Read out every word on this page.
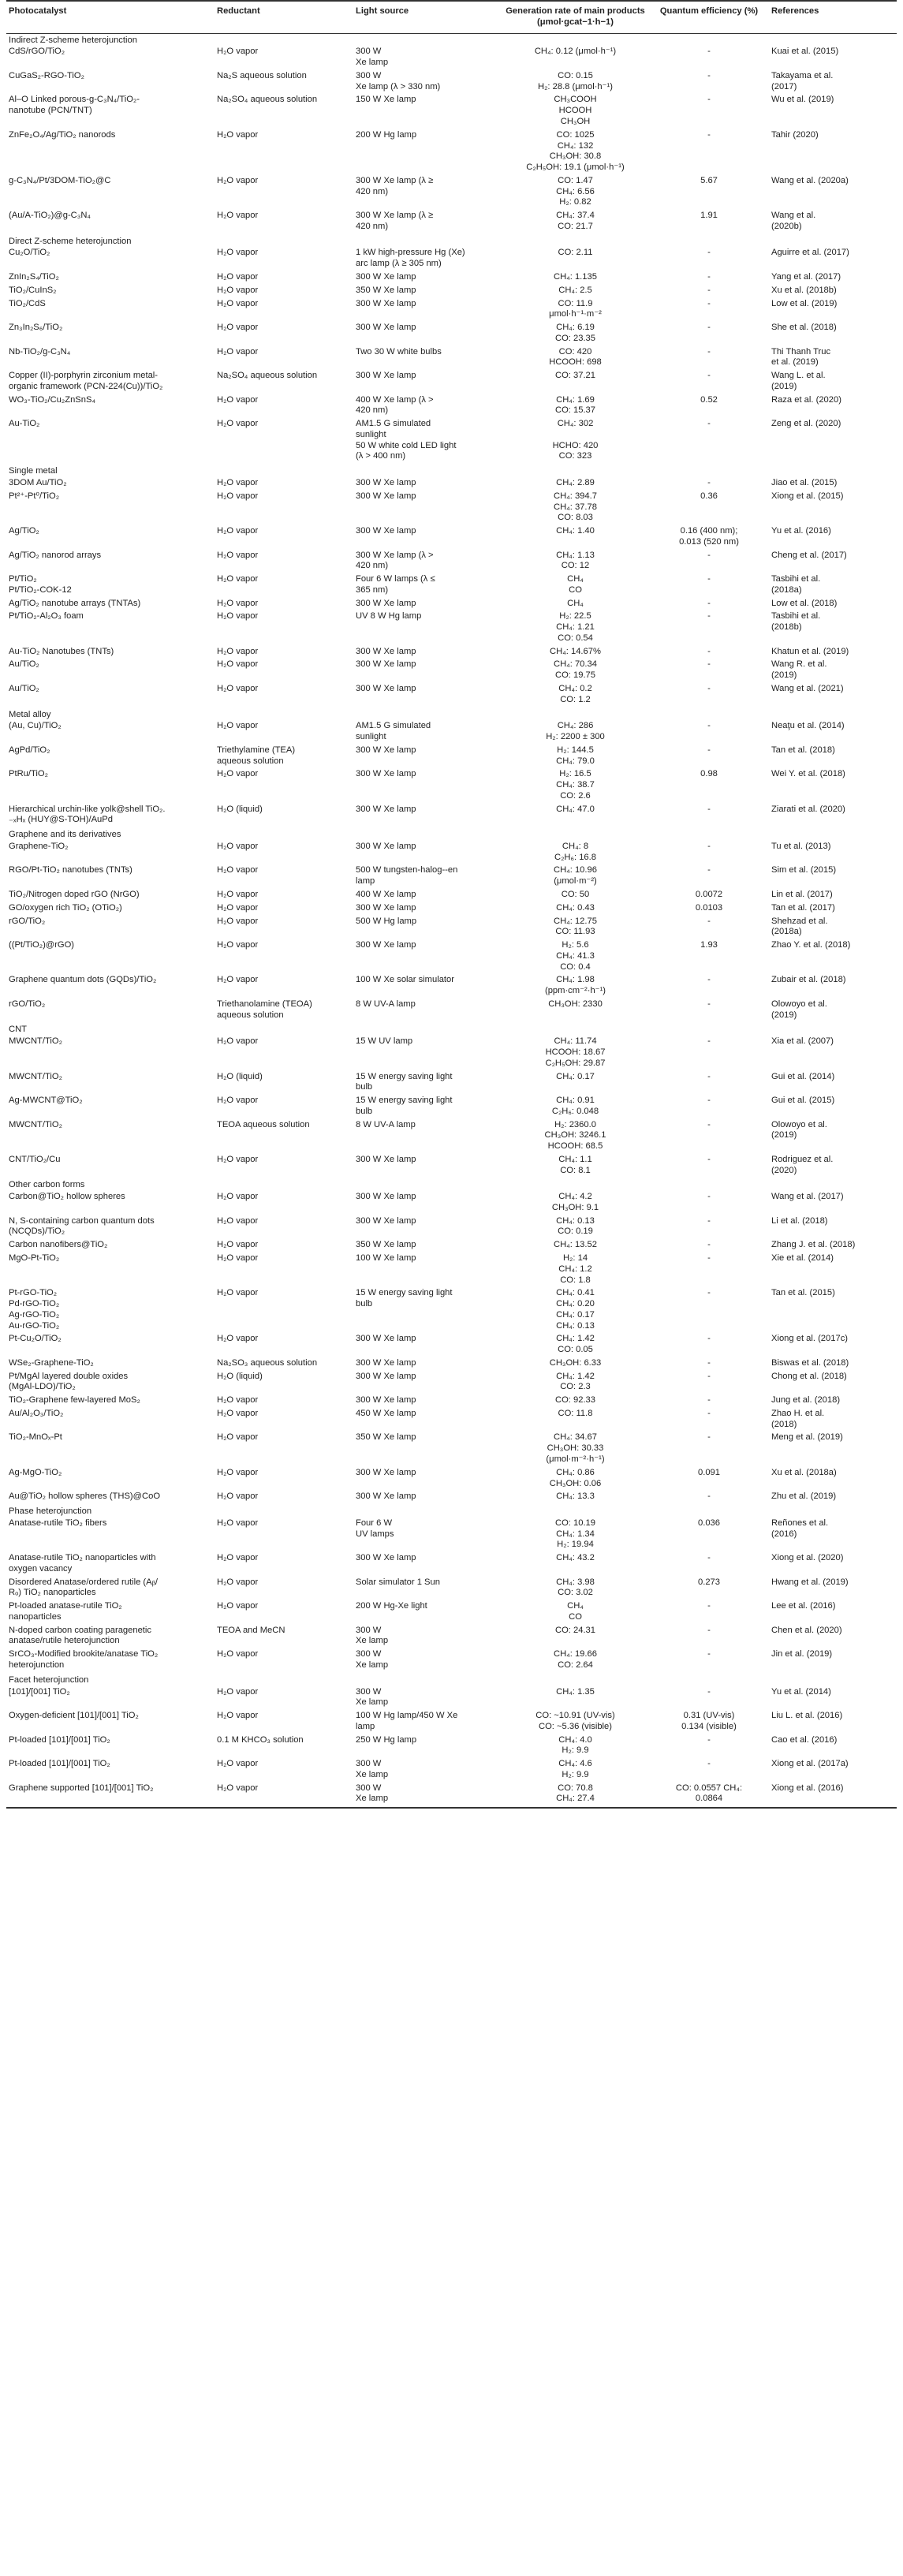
Photocatalyst	Reductant	Light source	Generation rate of main products (μmol·gcat−1·h−1)	Quantum efficiency (%)	References
Indirect Z-scheme heterojunction					
CdS/rGO/TiO₂	H₂O vapor	300 W
Xe lamp	CH₄: 0.12 (μmol·h⁻¹)	-	Kuai et al. (2015)
CuGaS₂-RGO-TiO₂	Na₂S aqueous solution	300 W
Xe lamp (λ > 330 nm)	CO: 0.15
H₂: 28.8 (μmol·h⁻¹)	-	Takayama et al.
(2017)
Al–O Linked porous-g-C₃N₄/TiO₂-
nanotube (PCN/TNT)	Na₂SO₄ aqueous solution	150 W Xe lamp	CH₃COOH
HCOOH
CH₃OH	-	Wu et al. (2019)
ZnFe₂O₄/Ag/TiO₂ nanorods	H₂O vapor	200 W Hg lamp	CO: 1025
CH₄: 132
CH₃OH: 30.8
C₂H₅OH: 19.1 (μmol·h⁻¹)	-	Tahir (2020)
g-C₃N₄/Pt/3DOM-TiO₂@C	H₂O vapor	300 W Xe lamp (λ ≥
420 nm)	CO: 1.47
CH₄: 6.56
H₂: 0.82	5.67	Wang et al. (2020a)
(Au/A-TiO₂)@g-C₃N₄	H₂O vapor	300 W Xe lamp (λ ≥
420 nm)	CH₄: 37.4
CO: 21.7	1.91	Wang et al.
(2020b)
Direct Z-scheme heterojunction					
Cu₂O/TiO₂	H₂O vapor	1 kW high-pressure Hg (Xe)
arc lamp (λ ≥ 305 nm)	CO: 2.11	-	Aguirre et al. (2017)
ZnIn₂S₄/TiO₂	H₂O vapor	300 W Xe lamp	CH₄: 1.135	-	Yang et al. (2017)
TiO₂/CuInS₂	H₂O vapor	350 W Xe lamp	CH₄: 2.5	-	Xu et al. (2018b)
TiO₂/CdS	H₂O vapor	300 W Xe lamp	CO: 11.9
μmol·h⁻¹·m⁻²	-	Low et al. (2019)
Zn₃In₂S₆/TiO₂	H₂O vapor	300 W Xe lamp	CH₄: 6.19
CO: 23.35	-	She et al. (2018)
Nb-TiO₂/g-C₃N₄	H₂O vapor	Two 30 W white bulbs	CO: 420
HCOOH: 698	-	Thi Thanh Truc
et al. (2019)
Copper (II)-porphyrin zirconium metal-
organic framework (PCN-224(Cu))/TiO₂	Na₂SO₄ aqueous solution	300 W Xe lamp	CO: 37.21	-	Wang L. et al.
(2019)
WO₃-TiO₂/Cu₂ZnSnS₄	H₂O vapor	400 W Xe lamp (λ >
420 nm)	CH₄: 1.69
CO: 15.37	0.52	Raza et al. (2020)
Au-TiO₂	H₂O vapor	AM1.5 G simulated
sunlight
50 W white cold LED light
(λ > 400 nm)	CH₄: 302

HCHO: 420
CO: 323	-	Zeng et al. (2020)
Single metal					
3DOM Au/TiO₂	H₂O vapor	300 W Xe lamp	CH₄: 2.89	-	Jiao et al. (2015)
Pt²⁺-Pt⁰/TiO₂	H₂O vapor	300 W Xe lamp	CH₄: 394.7
CH₄: 37.78
CO: 8.03	0.36	Xiong et al. (2015)
Ag/TiO₂	H₂O vapor	300 W Xe lamp	CH₄: 1.40	0.16 (400 nm);
0.013 (520 nm)	Yu et al. (2016)
Ag/TiO₂ nanorod arrays	H₂O vapor	300 W Xe lamp (λ >
420 nm)	CH₄: 1.13
CO: 12	-	Cheng et al. (2017)
Pt/TiO₂
Pt/TiO₂-COK-12	H₂O vapor	Four 6 W lamps (λ ≤
365 nm)	CH₄
CO	-	Tasbihi et al.
(2018a)
Ag/TiO₂ nanotube arrays (TNTAs)	H₂O vapor	300 W Xe lamp	CH₄	-	Low et al. (2018)
Pt/TiO₂-Al₂O₃ foam	H₂O vapor	UV 8 W Hg lamp	H₂: 22.5
CH₄: 1.21
CO: 0.54	-	Tasbihi et al.
(2018b)
Au-TiO₂ Nanotubes (TNTs)	H₂O vapor	300 W Xe lamp	CH₄: 14.67%	-	Khatun et al. (2019)
Au/TiO₂	H₂O vapor	300 W Xe lamp	CH₄: 70.34
CO: 19.75	-	Wang R. et al.
(2019)
Au/TiO₂	H₂O vapor	300 W Xe lamp	CH₄: 0.2
CO: 1.2	-	Wang et al. (2021)
Metal alloy					
(Au, Cu)/TiO₂	H₂O vapor	AM1.5 G simulated
sunlight	CH₄: 286
H₂: 2200 ± 300	-	Neaţu et al. (2014)
AgPd/TiO₂	Triethylamine (TEA)
aqueous solution	300 W Xe lamp	H₂: 144.5
CH₄: 79.0	-	Tan et al. (2018)
PtRu/TiO₂	H₂O vapor	300 W Xe lamp	H₂: 16.5
CH₄: 38.7
CO: 2.6	0.98	Wei Y. et al. (2018)
Hierarchical urchin-like yolk@shell TiO₂.
₋ₓHₓ (HUY@S-TOH)/AuPd	H₂O (liquid)	300 W Xe lamp	CH₄: 47.0	-	Ziarati et al. (2020)
Graphene and its derivatives					
Graphene-TiO₂	H₂O vapor	300 W Xe lamp	CH₄: 8
C₂H₆: 16.8	-	Tu et al. (2013)
RGO/Pt-TiO₂ nanotubes (TNTs)	H₂O vapor	500 W tungsten-halog--en
lamp	CH₄: 10.96
(μmol·m⁻²)	-	Sim et al. (2015)
TiO₂/Nitrogen doped rGO (NrGO)	H₂O vapor	400 W Xe lamp	CO: 50	0.0072	Lin et al. (2017)
GO/oxygen rich TiO₂ (OTiO₂)	H₂O vapor	300 W Xe lamp	CH₄: 0.43	0.0103	Tan et al. (2017)
rGO/TiO₂	H₂O vapor	500 W Hg lamp	CH₄: 12.75
CO: 11.93	-	Shehzad et al.
(2018a)
((Pt/TiO₂)@rGO)	H₂O vapor	300 W Xe lamp	H₂: 5.6
CH₄: 41.3
CO: 0.4	1.93	Zhao Y. et al. (2018)
Graphene quantum dots (GQDs)/TiO₂	H₂O vapor	100 W Xe solar simulator	CH₄: 1.98
(ppm·cm⁻²·h⁻¹)	-	Zubair et al. (2018)
rGO/TiO₂	Triethanolamine (TEOA)
aqueous solution	8 W UV-A lamp	CH₃OH: 2330	-	Olowoyo et al.
(2019)
CNT					
MWCNT/TiO₂	H₂O vapor	15 W UV lamp	CH₄: 11.74
HCOOH: 18.67
C₂H₅OH: 29.87	-	Xia et al. (2007)
MWCNT/TiO₂	H₂O (liquid)	15 W energy saving light
bulb	CH₄: 0.17	-	Gui et al. (2014)
Ag-MWCNT@TiO₂	H₂O vapor	15 W energy saving light
bulb	CH₄: 0.91
C₂H₆: 0.048	-	Gui et al. (2015)
MWCNT/TiO₂	TEOA aqueous solution	8 W UV-A lamp	H₂: 2360.0
CH₃OH: 3246.1
HCOOH: 68.5	-	Olowoyo et al.
(2019)
CNT/TiO₂/Cu	H₂O vapor	300 W Xe lamp	CH₄: 1.1
CO: 8.1	-	Rodriguez et al.
(2020)
Other carbon forms					
Carbon@TiO₂ hollow spheres	H₂O vapor	300 W Xe lamp	CH₄: 4.2
CH₃OH: 9.1	-	Wang et al. (2017)
N, S-containing carbon quantum dots
(NCQDs)/TiO₂	H₂O vapor	300 W Xe lamp	CH₄: 0.13
CO: 0.19	-	Li et al. (2018)
Carbon nanofibers@TiO₂	H₂O vapor	350 W Xe lamp	CH₄: 13.52	-	Zhang J. et al. (2018)
MgO-Pt-TiO₂	H₂O vapor	100 W Xe lamp	H₂: 14
CH₄: 1.2
CO: 1.8	-	Xie et al. (2014)
Pt-rGO-TiO₂
Pd-rGO-TiO₂
Ag-rGO-TiO₂
Au-rGO-TiO₂	H₂O vapor	15 W energy saving light
bulb	CH₄: 0.41
CH₄: 0.20
CH₄: 0.17
CH₄: 0.13	-	Tan et al. (2015)
Pt-Cu₂O/TiO₂	H₂O vapor	300 W Xe lamp	CH₄: 1.42
CO: 0.05	-	Xiong et al. (2017c)
WSe₂-Graphene-TiO₂	Na₂SO₃ aqueous solution	300 W Xe lamp	CH₃OH: 6.33	-	Biswas et al. (2018)
Pt/MgAl layered double oxides
(MgAl-LDO)/TiO₂	H₂O (liquid)	300 W Xe lamp	CH₄: 1.42
CO: 2.3	-	Chong et al. (2018)
TiO₂-Graphene few-layered MoS₂	H₂O vapor	300 W Xe lamp	CO: 92.33	-	Jung et al. (2018)
Au/Al₂O₃/TiO₂	H₂O vapor	450 W Xe lamp	CO: 11.8	-	Zhao H. et al.
(2018)
TiO₂-MnOₓ-Pt	H₂O vapor	350 W Xe lamp	CH₄: 34.67
CH₃OH: 30.33
(μmol·m⁻²·h⁻¹)	-	Meng et al. (2019)
Ag-MgO-TiO₂	H₂O vapor	300 W Xe lamp	CH₄: 0.86
CH₃OH: 0.06	0.091	Xu et al. (2018a)
Au@TiO₂ hollow spheres (THS)@CoO	H₂O vapor	300 W Xe lamp	CH₄: 13.3	-	Zhu et al. (2019)
Phase heterojunction					
Anatase-rutile TiO₂ fibers	H₂O vapor	Four 6 W
UV lamps	CO: 10.19
CH₄: 1.34
H₂: 19.94	0.036	Reñones et al.
(2016)
Anatase-rutile TiO₂ nanoparticles with
oxygen vacancy	H₂O vapor	300 W Xe lamp	CH₄: 43.2	-	Xiong et al. (2020)
Disordered Anatase/ordered rutile (Aᵦ/
Rₒ) TiO₂ nanoparticles	H₂O vapor	Solar simulator 1 Sun	CH₄: 3.98
CO: 3.02	0.273	Hwang et al. (2019)
Pt-loaded anatase-rutile TiO₂
nanoparticles	H₂O vapor	200 W Hg-Xe light	CH₄
CO	-	Lee et al. (2016)
N-doped carbon coating paragenetic
anatase/rutile heterojunction	TEOA and MeCN	300 W
Xe lamp	CO: 24.31	-	Chen et al. (2020)
SrCO₃-Modified brookite/anatase TiO₂
heterojunction	H₂O vapor	300 W
Xe lamp	CH₄: 19.66
CO: 2.64	-	Jin et al. (2019)
Facet heterojunction					
[101]/[001] TiO₂	H₂O vapor	300 W
Xe lamp	CH₄: 1.35	-	Yu et al. (2014)
Oxygen-deficient [101]/[001] TiO₂	H₂O vapor	100 W Hg lamp/450 W Xe
lamp	CO: ~10.91 (UV-vis)
CO: ~5.36 (visible)	0.31 (UV-vis)
0.134 (visible)	Liu L. et al. (2016)
Pt-loaded [101]/[001] TiO₂	0.1 M KHCO₃ solution	250 W Hg lamp	CH₄: 4.0
H₂: 9.9	-	Cao et al. (2016)
Pt-loaded [101]/[001] TiO₂	H₂O vapor	300 W
Xe lamp	CH₄: 4.6
H₂: 9.9	-	Xiong et al. (2017a)
Graphene supported [101]/[001] TiO₂	H₂O vapor	300 W
Xe lamp	CO: 70.8
CH₄: 27.4	CO: 0.0557 CH₄:
0.0864	Xiong et al. (2016)
